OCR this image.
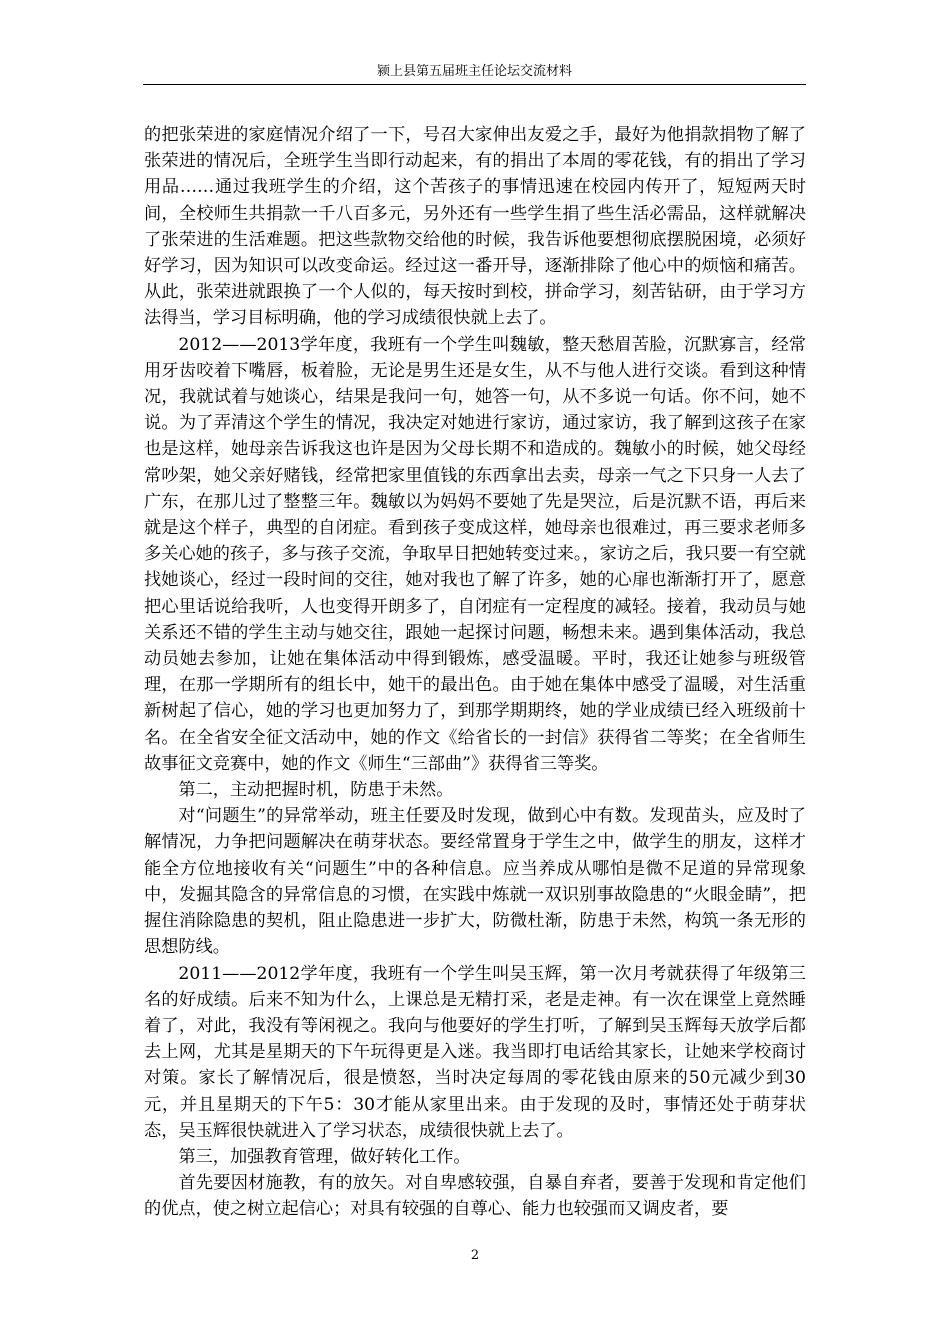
颍上县第五届班主任论坛交流材料

的把张荣进的家庭情况介绍了一下，号召大家伸出友爱之手，最好为他捐款捐物了解了张荣进的情况后，全班学生当即行动起来，有的捐出了本周的零花钱，有的捐出了学习用品……通过我班学生的介绍，这个苦孩子的事情迅速在校园内传开了，短短两天时间，全校师生共捐款一千八百多元，另外还有一些学生捐了些生活必需品，这样就解决了张荣进的生活难题。把这些款物交给他的时候，我告诉他要想彻底摆脱困境，必须好好学习，因为知识可以改变命运。经过这一番开导，逐渐排除了他心中的烦恼和痛苦。从此，张荣进就跟换了一个人似的，每天按时到校，拼命学习，刻苦钻研，由于学习方法得当，学习目标明确，他的学习成绩很快就上去了。

2012——2013学年度，我班有一个学生叫魏敏，整天愁眉苦脸，沉默寡言，经常用牙齿咬着下嘴唇，板着脸，无论是男生还是女生，从不与他人进行交谈。看到这种情况，我就试着与她谈心，结果是我问一句，她答一句，从不多说一句话。你不问，她不说。为了弄清这个学生的情况，我决定对她进行家访，通过家访，我了解到这孩子在家也是这样，她母亲告诉我这也许是因为父母长期不和造成的。魏敏小的时候，她父母经常吵架，她父亲好赌钱，经常把家里值钱的东西拿出去卖，母亲一气之下只身一人去了广东，在那儿过了整整三年。魏敏以为妈妈不要她了先是哭泣，后是沉默不语，再后来就是这个样子，典型的自闭症。看到孩子变成这样，她母亲也很难过，再三要求老师多多关心她的孩子，多与孩子交流，争取早日把她转变过来。，家访之后，我只要一有空就找她谈心，经过一段时间的交往，她对我也了解了许多，她的心扉也渐渐打开了，愿意把心里话说给我听，人也变得开朗多了，自闭症有一定程度的减轻。接着，我动员与她关系还不错的学生主动与她交往，跟她一起探讨问题，畅想未来。遇到集体活动，我总动员她去参加，让她在集体活动中得到锻炼，感受温暖。平时，我还让她参与班级管理，在那一学期所有的组长中，她干的最出色。由于她在集体中感受了温暖，对生活重新树起了信心，她的学习也更加努力了，到那学期期终，她的学业成绩已经入班级前十名。在全省安全征文活动中，她的作文《给省长的一封信》获得省二等奖；在全省师生故事征文竞赛中，她的作文《师生“三部曲”》获得省三等奖。

第二，主动把握时机，防患于未然。

对“问题生”的异常举动，班主任要及时发现，做到心中有数。发现苗头，应及时了解情况，力争把问题解决在萌芽状态。要经常置身于学生之中，做学生的朋友，这样才能全方位地接收有关“问题生”中的各种信息。应当养成从哪怕是微不足道的异常现象中，发掘其隐含的异常信息的习惯，在实践中炼就一双识别事故隐患的“火眼金睛”，把握住消除隐患的契机，阻止隐患进一步扩大，防微杜渐，防患于未然，构筑一条无形的思想防线。

2011——2012学年度，我班有一个学生叫吴玉辉，第一次月考就获得了年级第三名的好成绩。后来不知为什么，上课总是无精打采，老是走神。有一次在课堂上竟然睡着了，对此，我没有等闲视之。我向与他要好的学生打听，了解到吴玉辉每天放学后都去上网，尤其是星期天的下午玩得更是入迷。我当即打电话给其家长，让她来学校商讨对策。家长了解情况后，很是愤怒，当时决定每周的零花钱由原来的50元减少到30元，并且星期天的下午5：30才能从家里出来。由于发现的及时，事情还处于萌芽状态，吴玉辉很快就进入了学习状态，成绩很快就上去了。

第三，加强教育管理，做好转化工作。

首先要因材施教，有的放矢。对自卑感较强，自暴自弃者，要善于发现和肯定他们的优点，使之树立起信心；对具有较强的自尊心、能力也较强而又调皮者，要

2
